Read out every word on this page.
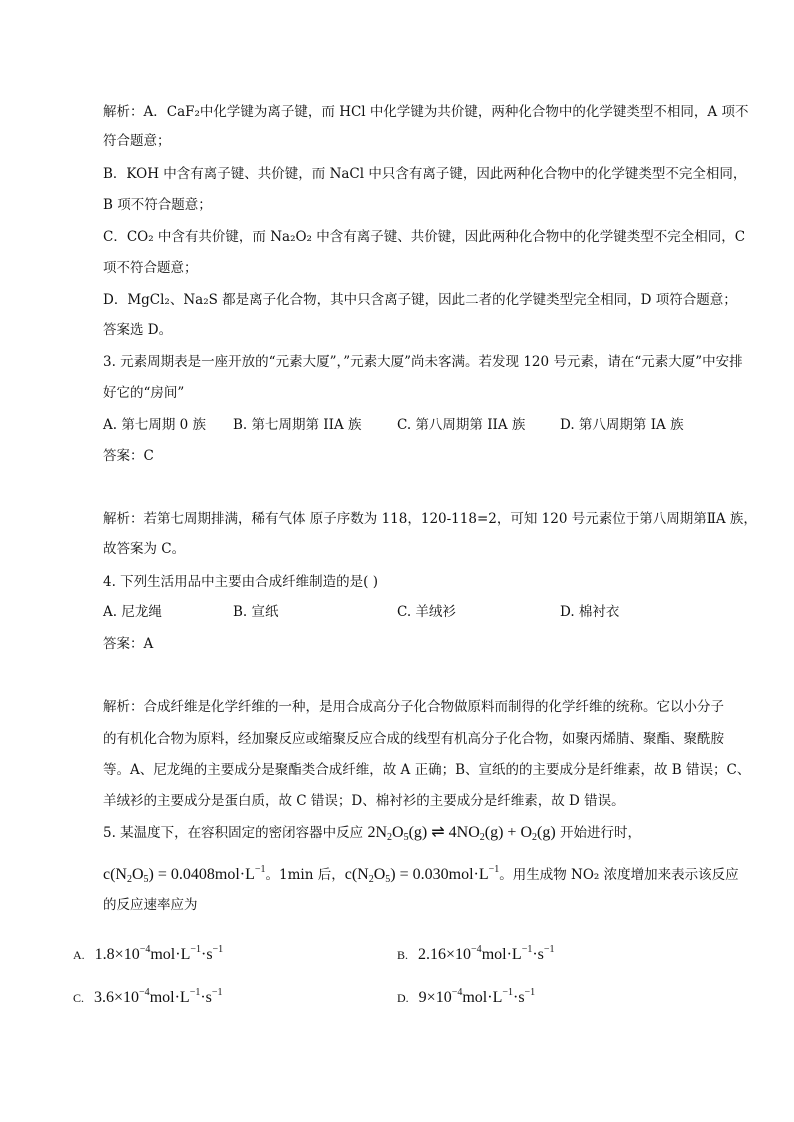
解析：A．CaF₂中化学键为离子键，而 HCl 中化学键为共价键，两种化合物中的化学键类型不相同，A 项不
符合题意；
B．KOH 中含有离子键、共价键，而 NaCl 中只含有离子键，因此两种化合物中的化学键类型不完全相同，
B 项不符合题意；
C．CO₂ 中含有共价键，而 Na₂O₂ 中含有离子键、共价键，因此两种化合物中的化学键类型不完全相同，C
项不符合题意；
D．MgCl₂、Na₂S 都是离子化合物，其中只含离子键，因此二者的化学键类型完全相同，D 项符合题意；
答案选 D。
3. 元素周期表是一座开放的“元素大厦”，”元素大厦”尚未客满。若发现 120 号元素，请在“元素大厦”中安排
好它的“房间”
A. 第七周期 0 族 B. 第七周期第 IIA 族	C. 第八周期第 IIA 族	D. 第八周期第 IA 族
答案：C
解析：若第七周期排满，稀有气体 原子序数为 118，120-118=2，可知 120 号元素位于第八周期第ⅡA 族，
故答案为 C。
4. 下列生活用品中主要由合成纤维制造的是( )
A. 尼龙绳	B. 宣纸	C. 羊绒衫	D. 棉衬衣
答案：A
解析：合成纤维是化学纤维的一种，是用合成高分子化合物做原料而制得的化学纤维的统称。它以小分子
的有机化合物为原料，经加聚反应或缩聚反应合成的线型有机高分子化合物，如聚丙烯腈、聚酯、聚酰胺
等。A、尼龙绳的主要成分是聚酯类合成纤维，故 A 正确；B、宣纸的的主要成分是纤维素，故 B 错误；C、
羊绒衫的主要成分是蛋白质，故 C 错误；D、棉衬衫的主要成分是纤维素，故 D 错误。
5. 某温度下，在容积固定的密闭容器中反应 $2N_2O_5(g)$ ⇌ $4NO_2(g) + O_2(g)$ 开始进行时，
$c(N_2O_5) = 0.0408mol\cdot L^{-1}$。1min 后，$c(N_2O_5) = 0.030mol\cdot L^{-1}$。用生成物 NO₂ 浓度增加来表示该反应
的反应速率应为
A. $1.8\times 10^{-4}mol\cdot L^{-1}\cdot s^{-1}$	B. $2.16\times 10^{-4}mol\cdot L^{-1}\cdot s^{-1}$
C. $3.6\times 10^{-4}mol\cdot L^{-1}\cdot s^{-1}$	D. $9\times 10^{-4}mol\cdot L^{-1}\cdot s^{-1}$
